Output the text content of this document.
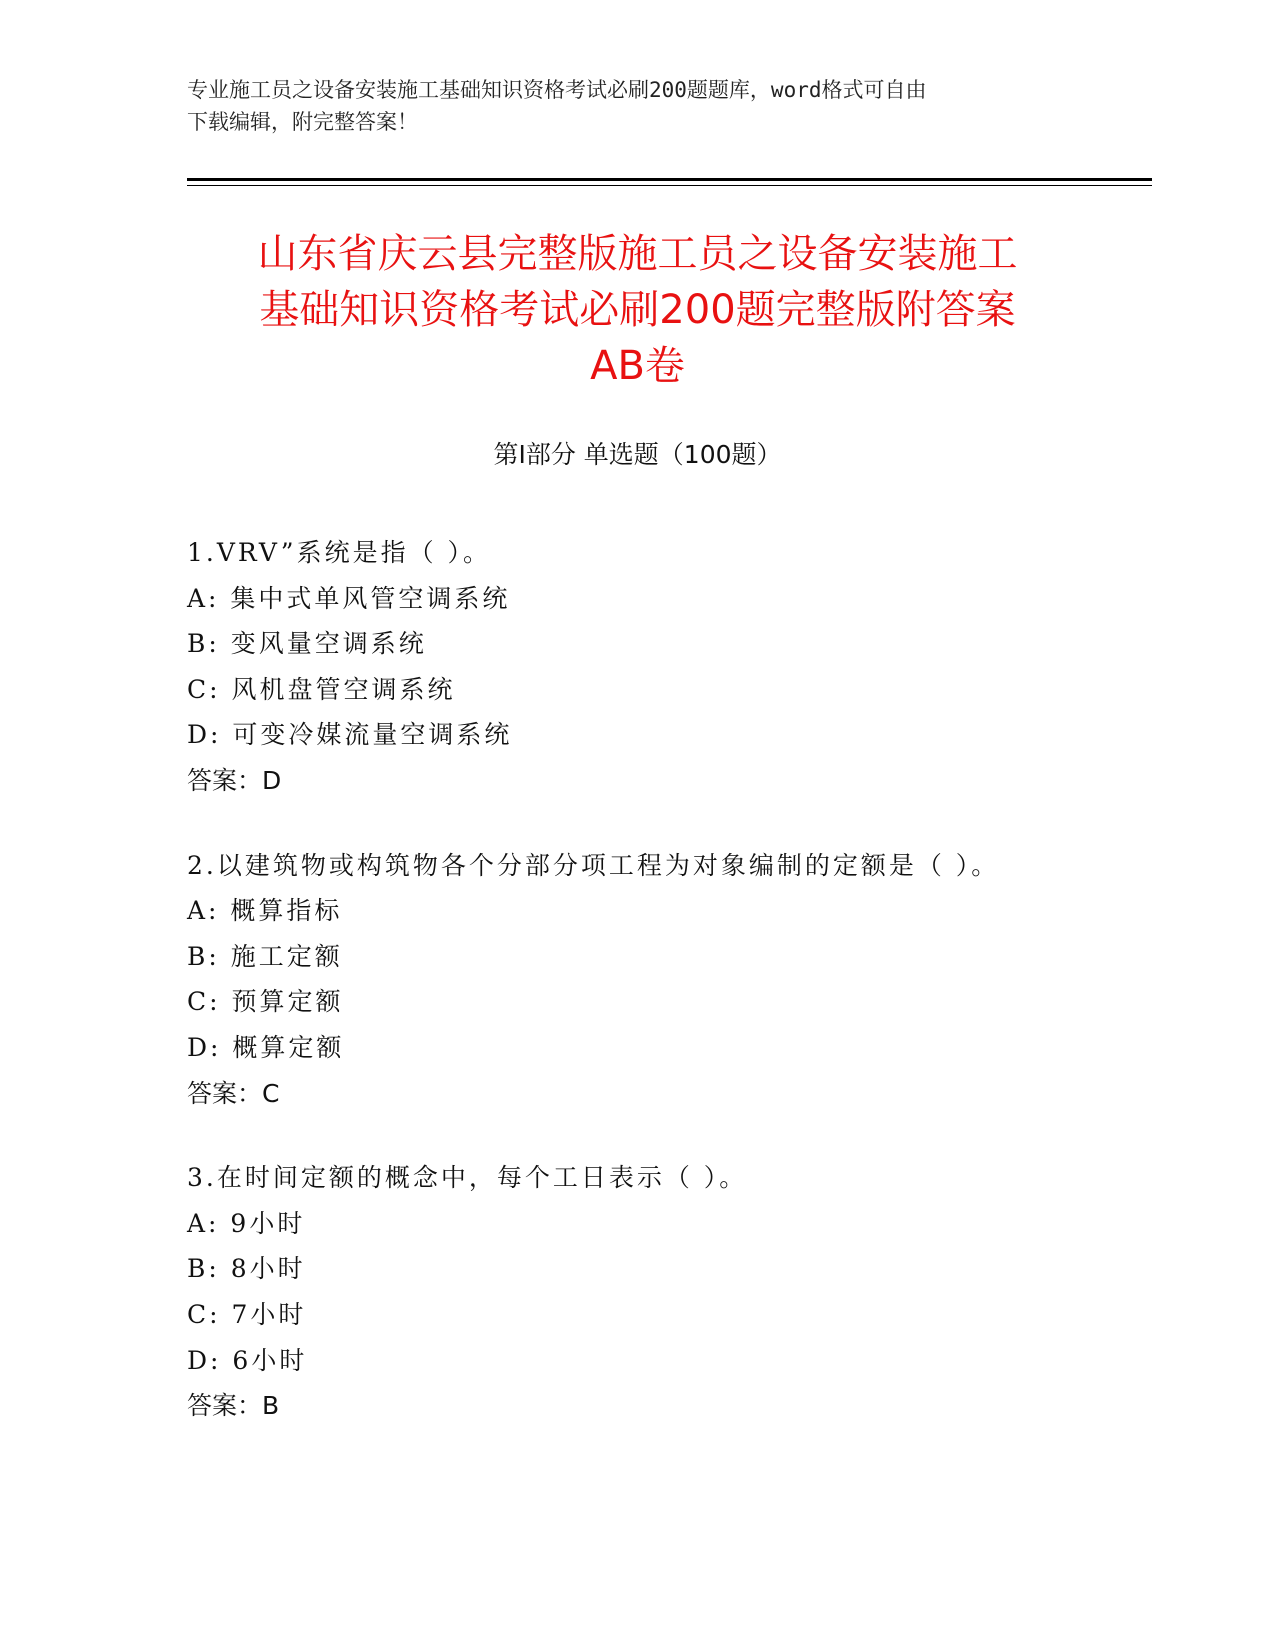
专业施工员之设备安装施工基础知识资格考试必刷200题题库，word格式可自由
下载编辑，附完整答案！
山东省庆云县完整版施工员之设备安装施工
基础知识资格考试必刷200题完整版附答案
AB卷
第Ⅰ部分 单选题（100题）
1.VRV”系统是指（ ）。
A: 集中式单风管空调系统
B: 变风量空调系统
C: 风机盘管空调系统
D: 可变冷媒流量空调系统
答案：D
2.以建筑物或构筑物各个分部分项工程为对象编制的定额是（ ）。
A: 概算指标
B: 施工定额
C: 预算定额
D: 概算定额
答案：C
3.在时间定额的概念中，每个工日表示（ ）。
A: 9小时
B: 8小时
C: 7小时
D: 6小时
答案：B
